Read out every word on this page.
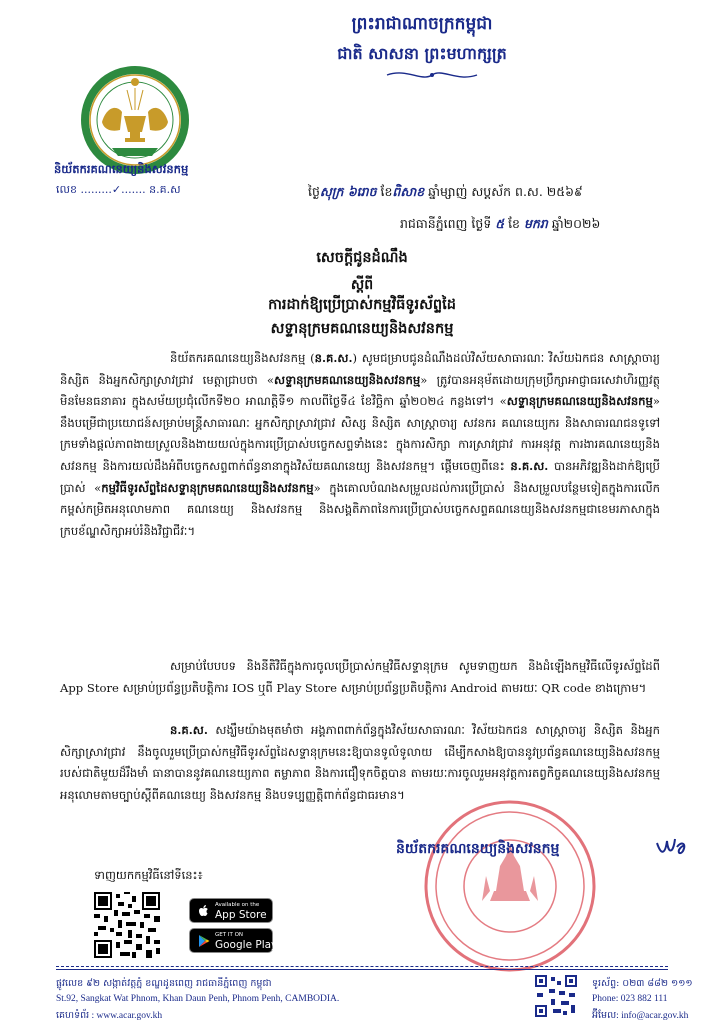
ព្រះរាជាណាចក្រកម្ពុជា
ជាតិ សាសនា ព្រះមហាក្សត្រ
និយ័តករគណនេយ្យនិងសវនកម្ម
លេខ .........✓....... ន.គ.ស	ថ្ងៃសុក្រ ៦រោច ខែពិសាខ ឆ្នាំម្សាញ់ សប្តស័ក ព.ស. ២៥៦៩
រាជធានីភ្នំពេញ ថ្ងៃទី ៥ ខែ មករា ឆ្នាំ២០២៦
សេចក្តីជូនដំណឹង
ស្តីពី
ការដាក់ឱ្យប្រើប្រាស់កម្មវិធីទូរស័ព្ទដៃ
សទ្ទានុក្រមគណនេយ្យនិងសវនកម្ម
និយ័តករគណនេយ្យនិងសវនកម្ម (ន.គ.ស.) សូមជម្រាបជូនដំណឹងដល់វិស័យសាធារណៈ វិស័យឯកជន សាស្ត្រាចារ្យ និស្សិត និងអ្នកសិក្សាស្រាវជ្រាវ មេត្តាជ្រាបថា «សទ្ទានុក្រមគណនេយ្យនិងសវនកម្ម» ត្រូវបានអនុម័តដោយក្រុមប្រឹក្សាអាជ្ញាធរសេវាហិរញ្ញវត្ថុមិនមែនធនាគារ ក្នុងសម័យប្រជុំលើកទី២០ អាណត្តិទី១ កាលពីថ្ងៃទី៤ ខែវិច្ឆិកា ឆ្នាំ២០២៤ កន្លងទៅ។ «សទ្ទានុក្រមគណនេយ្យនិងសវនកម្ម» នឹងបម្រើជាប្រយោជន៍សម្រាប់មន្ត្រីសាធារណៈ អ្នកសិក្សាស្រាវជ្រាវ សិស្ស និស្សិត សាស្ត្រាចារ្យ សវនករ គណនេយ្យករ និងសាធារណជនទូទៅ ក្រមទាំងផ្តល់ភាពងាយស្រួលនិងងាយយល់ក្នុងការប្រើប្រាស់បច្ចេកសព្ទទាំងនេះ ក្នុងការសិក្សា ការស្រាវជ្រាវ ការអនុវត្ត ការងារគណនេយ្យនិងសវនកម្ម និងការយល់ដឹងអំពីបច្ចេកសព្ទពាក់ព័ន្ធនានាក្នុងវិស័យគណនេយ្យ និងសវនកម្ម។ ផ្តើមចេញពីនេះ ន.គ.ស. បានអភិវឌ្ឍនិងដាក់ឱ្យប្រើប្រាស់ «កម្មវិធីទូរស័ព្ទដៃសទ្ទានុក្រមគណនេយ្យនិងសវនកម្ម» ក្នុងគោលបំណងសម្រួលដល់ការប្រើប្រាស់ និងសម្រួលបន្ថែមទៀតក្នុងការលើកកម្ពស់កម្រិតអនុលោមភាព គណនេយ្យ និងសវនកម្ម និងសង្គតិភាពនៃការប្រើប្រាស់បច្ចេកសព្ទគណនេយ្យនិងសវនកម្មជាខេមរភាសាក្នុងក្របខ័ណ្ឌសិក្សាអប់រំនិងវិជ្ជាជីវៈ។
សម្រាប់បែបបទ និងនីតិវិធីក្នុងការចូលប្រើប្រាស់កម្មវិធីសទ្ទានុក្រម សូមទាញយក និងដំឡើងកម្មវិធីលើទូរស័ព្ទដៃពី App Store សម្រាប់ប្រព័ន្ធប្រតិបត្តិការ IOS ឬពី Play Store សម្រាប់ប្រព័ន្ធប្រតិបត្តិការ Android តាមរយៈ QR code ខាងក្រោម។
ន.គ.ស. សង្ឃឹមយ៉ាងមុតមាំថា អង្គភាពពាក់ព័ន្ធក្នុងវិស័យសាធារណៈ វិស័យឯកជន សាស្ត្រាចារ្យ និស្សិត និងអ្នកសិក្សាស្រាវជ្រាវ នឹងចូលរួមប្រើប្រាស់កម្មវិធីទូរស័ព្ទដៃសទ្ទានុក្រមនេះឱ្យបានទូលំទូលាយ ដើម្បីកសាងឱ្យបាននូវប្រព័ន្ធគណនេយ្យនិងសវនកម្មរបស់ជាតិមួយដ៏រឹងមាំ ធានាបាននូវគណនេយ្យភាព តម្លាភាព និងការជឿទុកចិត្តបាន តាមរយៈការចូលរួមអនុវត្តការតព្វកិច្ចគណនេយ្យនិងសវនកម្ម អនុលោមតាមច្បាប់ស្តីពីគណនេយ្យ និងសវនកម្ម និងបទប្បញ្ញត្តិពាក់ព័ន្ធជាធរមាន។
និយ័តករគណនេយ្យនិងសវនកម្ម
ទាញយកកម្មវិធីនៅទីនេះ៖
Available on the
App Store
GET IT ON
Google Play
ផ្លូវលេខ ៩២ សង្កាត់វត្តភ្នំ ខណ្ឌដូនពេញ រាជធានីភ្នំពេញ កម្ពុជា
St.92, Sangkat Wat Phnom, Khan Daun Penh, Phnom Penh, CAMBODIA.
គេហទំព័រ : www.acar.gov.kh
ទូរស័ព្ទ: ០២៣ ៨៨២ ១១១
Phone: 023 882 111
អ៊ីមែល: info@acar.gov.kh
